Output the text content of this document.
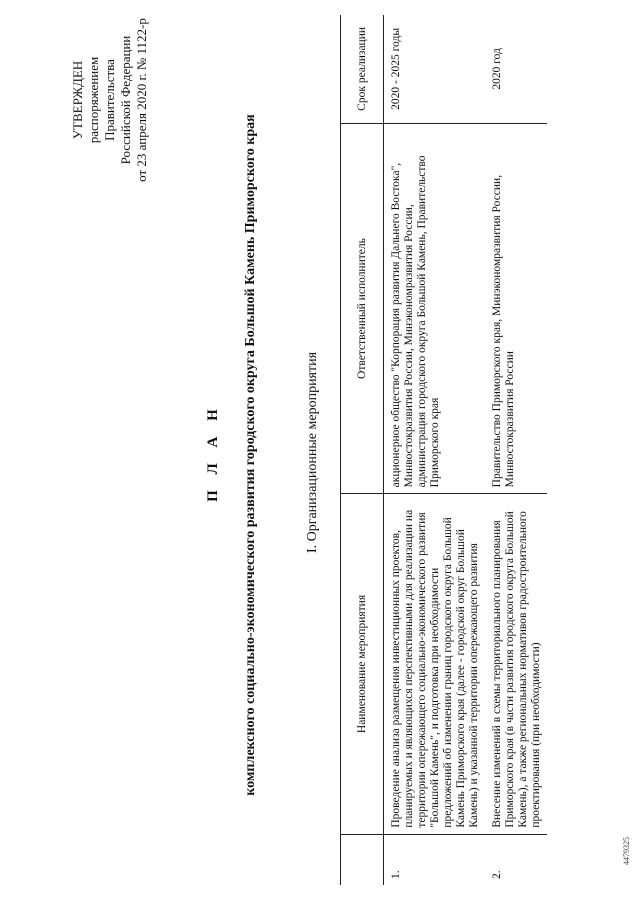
УТВЕРЖДЕН распоряжением Правительства Российской Федерации от 23 апреля 2020 г. № 1122-р
П Л А Н комплексного социально-экономического развития городского округа Большой Камень Приморского края	I. Организационные мероприятия
	Наименование мероприятия	Ответственный исполнитель	Срок реализации
1.	Проведение анализа размещения инвестиционных проектов, планируемых и являющихся перспективными для реализации на территории опережающего социально-экономического развития "Большой Камень", и подготовка при необходимости предложений об изменении границ городского округа Большой Камень Приморского края (далее - городской округ Большой Камень) и указанной территории опережающего развития	акционерное общество "Корпорация развития Дальнего Востока", Минвостокразвития России, Минэкономразвития России, администрация городского округа Большой Камень, Правительство Приморского края	2020 - 2025 годы
2.	Внесение изменений в схемы территориального планирования Приморского края (в части развития городского округа Большой Камень), а также региональных нормативов градостроительного проектирования (при необходимости)	Правительство Приморского края, Минэкономразвития России, Минвостокразвития России	2020 год
4479325
